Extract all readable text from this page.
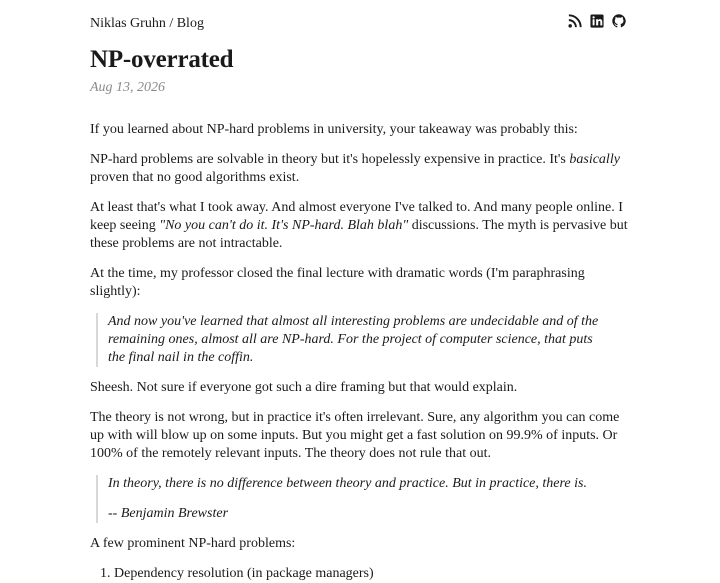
Niklas Gruhn / Blog
NP-overrated
Aug 13, 2026

If you learned about NP-hard problems in university, your takeaway was probably this:

NP-hard problems are solvable in theory but it's hopelessly expensive in practice. It's basically proven that no good algorithms exist.

At least that's what I took away. And almost everyone I've talked to. And many people online. I keep seeing "No you can't do it. It's NP-hard. Blah blah" discussions. The myth is pervasive but these problems are not intractable.

At the time, my professor closed the final lecture with dramatic words (I'm paraphrasing slightly):

And now you've learned that almost all interesting problems are undecidable and of the remaining ones, almost all are NP-hard. For the project of computer science, that puts the final nail in the coffin.

Sheesh. Not sure if everyone got such a dire framing but that would explain.

The theory is not wrong, but in practice it's often irrelevant. Sure, any algorithm you can come up with will blow up on some inputs. But you might get a fast solution on 99.9% of inputs. Or 100% of the remotely relevant inputs. The theory does not rule that out.

In theory, there is no difference between theory and practice. But in practice, there is.

-- Benjamin Brewster

A few prominent NP-hard problems:

1. Dependency resolution (in package managers)
